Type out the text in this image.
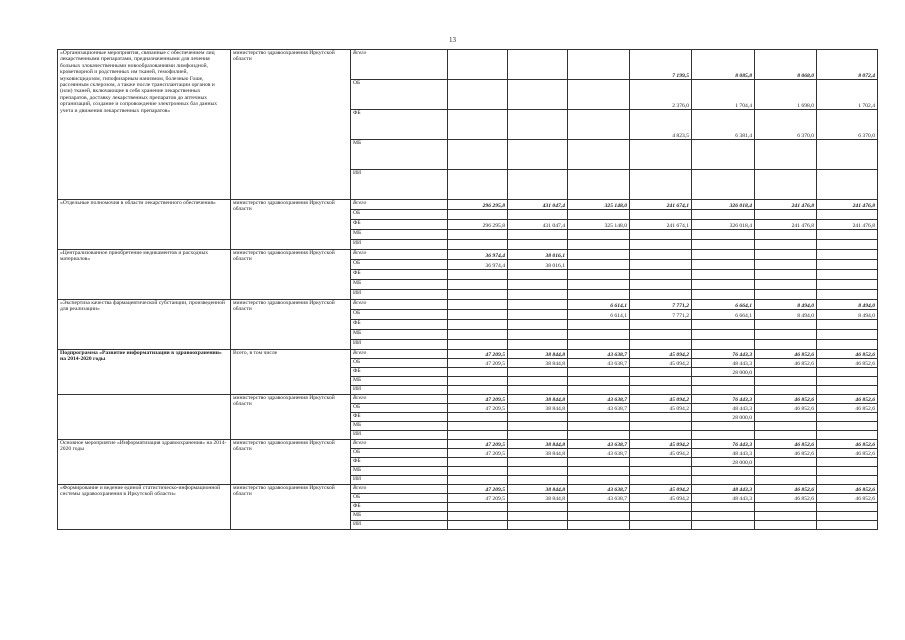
13
«Организационные мероприятия, связанные с обеспечением лиц лекарственными препаратами, предназначенными для лечения больных злокачественными новообразованиями лимфоидной, кроветворной и родственных им тканей, гемофилией, муковисцидозом, гипофизарным нанизмом, болезнью Гоше, рассеянным склерозом, а также после трансплантации органов и (или) тканей, включающие в себя хранение лекарственных препаратов, доставку лекарственных препаратов до аптечных организаций, создание и сопровождение электронных баз данных учета и движения лекарственных препаратов»	министерство здравоохранения Иркутской области	Всего				7 199,5	8 085,8	8 068,0	8 072,4
		ОБ				2 376,0	1 704,4	1 698,0	1 702,4
		ФБ				4 823,5	6 381,4	6 370,0	6 370,0
		МБ							
		ИИ							
«Отдельные полномочия в области лекарственного обеспечения»	министерство здравоохранения Иркутской области	Всего	296 295,8	431 047,4	325 148,0	241 674,1	326 018,4	241 476,8	241 476,8
		ОБ							
		ФБ	296 295,8	431 047,4	325 148,0	241 674,1	326 018,4	241 476,8	241 476,8
		МБ							
		ИИ							
«Централизованное приобретение медикаментов и расходных материалов»	министерство здравоохранения Иркутской области	Всего	36 974,4	38 016,1					
		ОБ	36 974,4	38 016,1					
		ФБ							
		МБ							
		ИИ							
«Экспертиза качества фармацевтической субстанции, произведенной для реализации»	министерство здравоохранения Иркутской области	Всего			6 614,1	7 771,2	6 664,1	8 494,0	8 494,0
		ОБ			6 614,1	7 771,2	6 664,1	8 494,0	8 494,0
		ФБ							
		МБ							
		ИИ							
Подпрограмма «Развитие информатизации в здравоохранении» на 2014-2020 годы	Всего, в том числе	Всего	47 209,5	38 844,8	43 638,7	45 094,2	76 443,3	46 852,6	46 852,6
		ОБ	47 209,5	38 844,8	43 638,7	45 094,2	48 443,3	46 852,6	46 852,6
		ФБ					28 000,0		
		МБ							
		ИИ							
	министерство здравоохранения Иркутской области	Всего	47 209,5	38 844,8	43 638,7	45 094,2	76 443,3	46 852,6	46 852,6
		ОБ	47 209,5	38 844,8	43 638,7	45 094,2	48 443,3	46 852,6	46 852,6
		ФБ					28 000,0		
		МБ							
		ИИ							
Основное мероприятие «Информатизация здравоохранения» на 2014-2020 годы	министерство здравоохранения Иркутской области	Всего	47 209,5	38 844,8	43 638,7	45 094,2	76 443,3	46 852,6	46 852,6
		ОБ	47 209,5	38 844,8	43 638,7	45 094,2	48 443,3	46 852,6	46 852,6
		ФБ					28 000,0		
		МБ							
		ИИ							
«Формирование и ведение единой статистическо-информационной системы здравоохранения в Иркутской области»	министерство здравоохранения Иркутской области	Всего	47 209,5	38 844,8	43 638,7	45 094,2	48 443,3	46 852,6	46 852,6
		ОБ	47 209,5	38 844,8	43 638,7	45 094,2	48 443,3	46 852,6	46 852,6
		ФБ							
		МБ							
		ИИ							
